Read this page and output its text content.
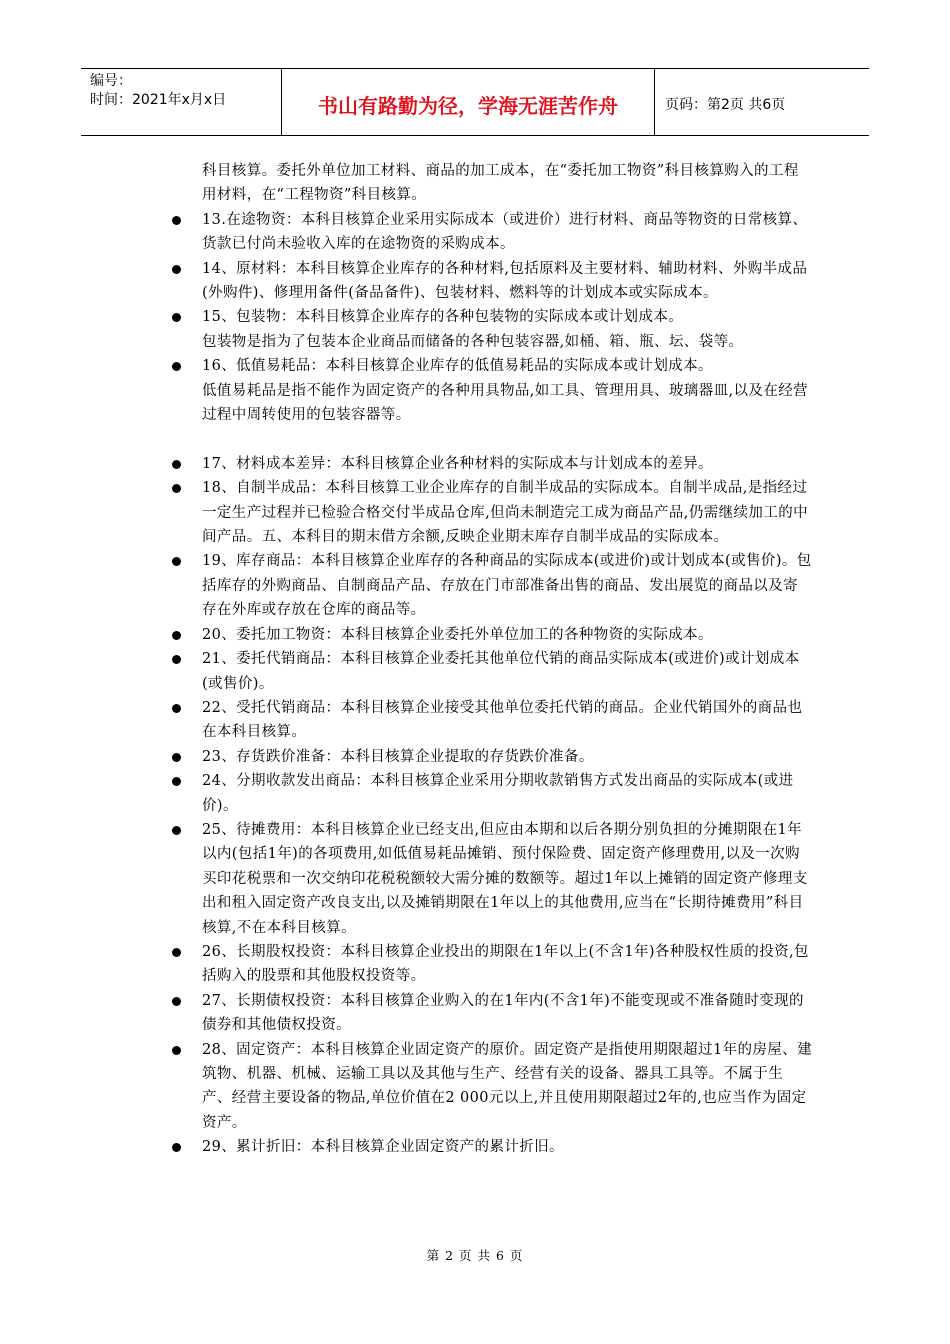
编号：
时间：2021年x月x日	书山有路勤为径，学海无涯苦作舟	页码：第2页 共6页
科目核算。委托外单位加工材料、商品的加工成本，在“委托加工物资”科目核算购入的工程用材料，在“工程物资”科目核算。
13.在途物资：本科目核算企业采用实际成本（或进价）进行材料、商品等物资的日常核算、货款已付尚未验收入库的在途物资的采购成本。
14、原材料：本科目核算企业库存的各种材料,包括原料及主要材料、辅助材料、外购半成品(外购件)、修理用备件(备品备件)、包装材料、燃料等的计划成本或实际成本。
15、包装物：本科目核算企业库存的各种包装物的实际成本或计划成本。
包装物是指为了包装本企业商品而储备的各种包装容器,如桶、箱、瓶、坛、袋等。
16、低值易耗品：本科目核算企业库存的低值易耗品的实际成本或计划成本。
低值易耗品是指不能作为固定资产的各种用具物品,如工具、管理用具、玻璃器皿,以及在经营过程中周转使用的包装容器等。
17、材料成本差异：本科目核算企业各种材料的实际成本与计划成本的差异。
18、自制半成品：本科目核算工业企业库存的自制半成品的实际成本。自制半成品,是指经过一定生产过程并已检验合格交付半成品仓库,但尚未制造完工成为商品产品,仍需继续加工的中间产品。五、本科目的期末借方余额,反映企业期末库存自制半成品的实际成本。
19、库存商品：本科目核算企业库存的各种商品的实际成本(或进价)或计划成本(或售价)。包括库存的外购商品、自制商品产品、存放在门市部准备出售的商品、发出展览的商品以及寄存在外库或存放在仓库的商品等。
20、委托加工物资：本科目核算企业委托外单位加工的各种物资的实际成本。
21、委托代销商品：本科目核算企业委托其他单位代销的商品实际成本(或进价)或计划成本(或售价)。
22、受托代销商品：本科目核算企业接受其他单位委托代销的商品。企业代销国外的商品也在本科目核算。
23、存货跌价准备：本科目核算企业提取的存货跌价准备。
24、分期收款发出商品：本科目核算企业采用分期收款销售方式发出商品的实际成本(或进价)。
25、待摊费用：本科目核算企业已经支出,但应由本期和以后各期分别负担的分摊期限在1年以内(包括1年)的各项费用,如低值易耗品摊销、预付保险费、固定资产修理费用,以及一次购买印花税票和一次交纳印花税税额较大需分摊的数额等。超过1年以上摊销的固定资产修理支出和租入固定资产改良支出,以及摊销期限在1年以上的其他费用,应当在“长期待摊费用”科目核算,不在本科目核算。
26、长期股权投资：本科目核算企业投出的期限在1年以上(不含1年)各种股权性质的投资,包括购入的股票和其他股权投资等。
27、长期债权投资：本科目核算企业购入的在1年内(不含1年)不能变现或不准备随时变现的债券和其他债权投资。
28、固定资产：本科目核算企业固定资产的原价。固定资产是指使用期限超过1年的房屋、建筑物、机器、机械、运输工具以及其他与生产、经营有关的设备、器具工具等。不属于生产、经营主要设备的物品,单位价值在2 000元以上,并且使用期限超过2年的,也应当作为固定资产。
29、累计折旧：本科目核算企业固定资产的累计折旧。
第 2 页 共 6 页
